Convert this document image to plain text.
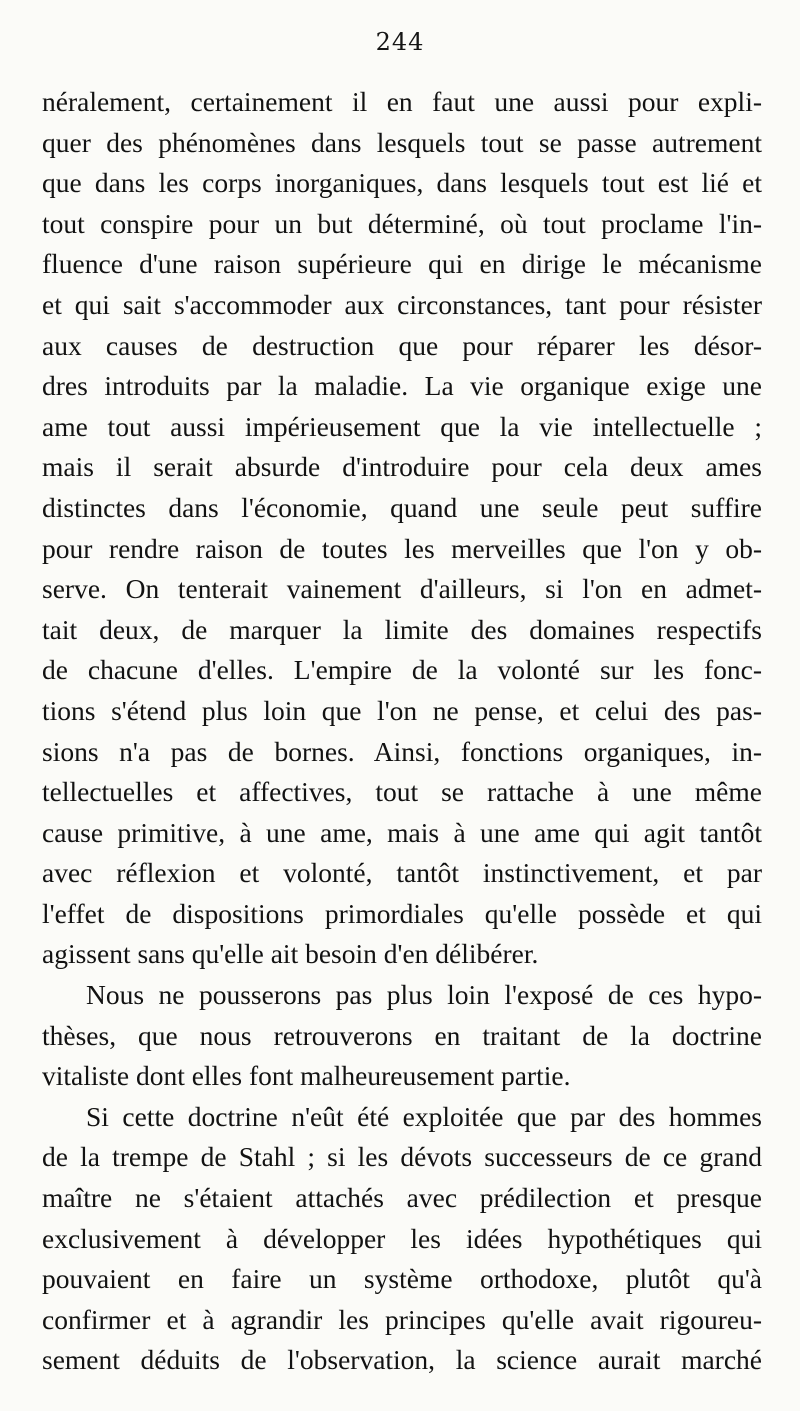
244
néralement, certainement il en faut une aussi pour expli-
quer des phénomènes dans lesquels tout se passe autrement
que dans les corps inorganiques, dans lesquels tout est lié et
tout conspire pour un but déterminé, où tout proclame l'in-
fluence d'une raison supérieure qui en dirige le mécanisme
et qui sait s'accommoder aux circonstances, tant pour résister
aux causes de destruction que pour réparer les désor-
dres introduits par la maladie. La vie organique exige une
ame tout aussi impérieusement que la vie intellectuelle ;
mais il serait absurde d'introduire pour cela deux ames
distinctes dans l'économie, quand une seule peut suffire
pour rendre raison de toutes les merveilles que l'on y ob-
serve. On tenterait vainement d'ailleurs, si l'on en admet-
tait deux, de marquer la limite des domaines respectifs
de chacune d'elles. L'empire de la volonté sur les fonc-
tions s'étend plus loin que l'on ne pense, et celui des pas-
sions n'a pas de bornes. Ainsi, fonctions organiques, in-
tellectuelles et affectives, tout se rattache à une même
cause primitive, à une ame, mais à une ame qui agit tantôt
avec réflexion et volonté, tantôt instinctivement, et par
l'effet de dispositions primordiales qu'elle possède et qui
agissent sans qu'elle ait besoin d'en délibérer.
Nous ne pousserons pas plus loin l'exposé de ces hypo-
thèses, que nous retrouverons en traitant de la doctrine
vitaliste dont elles font malheureusement partie.
Si cette doctrine n'eût été exploitée que par des hommes
de la trempe de Stahl ; si les dévots successeurs de ce grand
maître ne s'étaient attachés avec prédilection et presque
exclusivement à développer les idées hypothétiques qui
pouvaient en faire un système orthodoxe, plutôt qu'à
confirmer et à agrandir les principes qu'elle avait rigoureu-
sement déduits de l'observation, la science aurait marché
